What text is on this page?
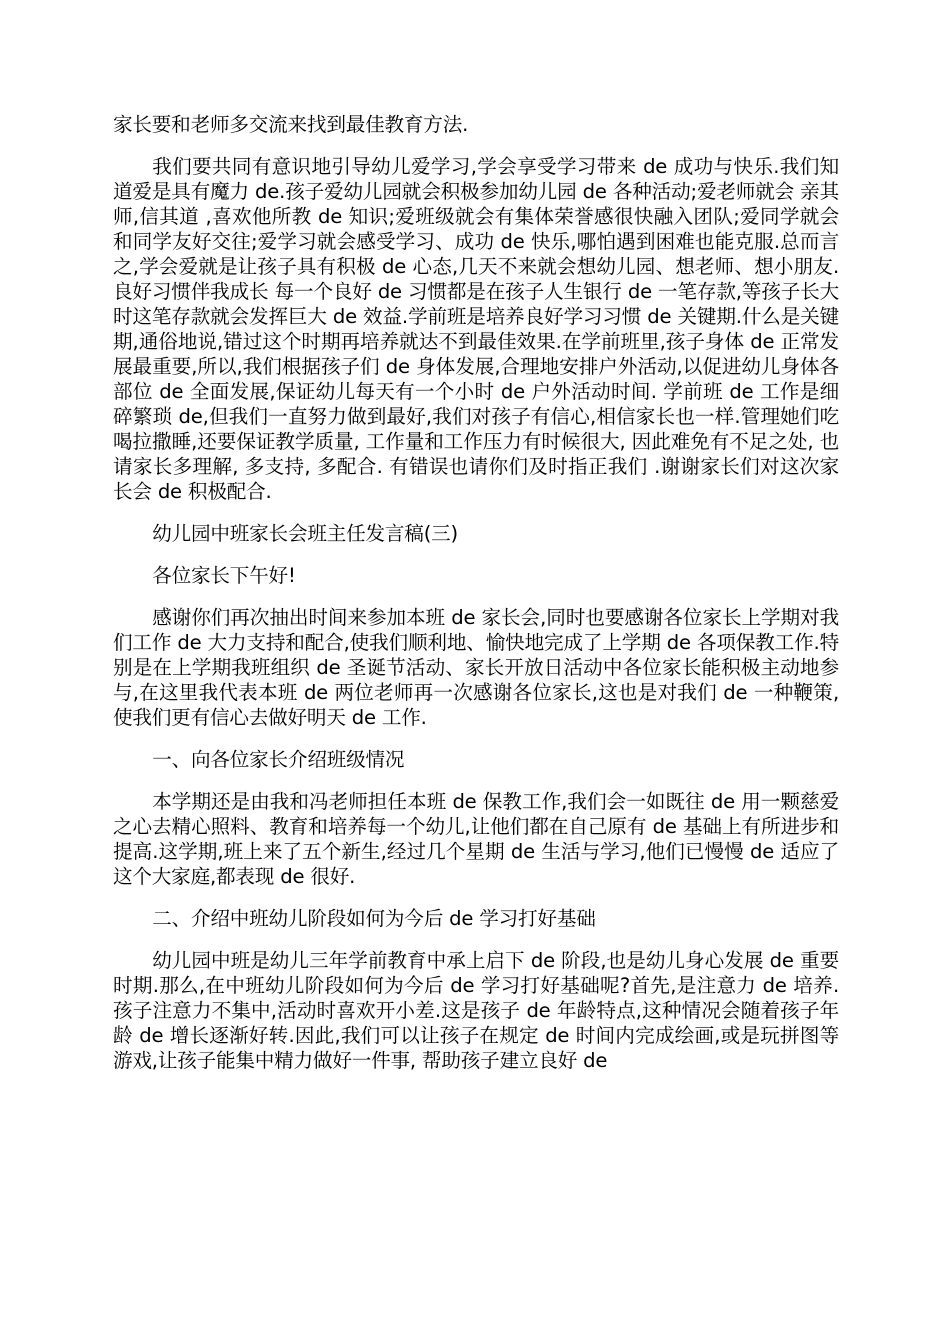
家长要和老师多交流来找到最佳教育方法.

我们要共同有意识地引导幼儿爱学习,学会享受学习带来 de 成功与快乐.我们知道爱是具有魔力 de.孩子爱幼儿园就会积极参加幼儿园 de 各种活动;爱老师就会 亲其师,信其道 ,喜欢他所教 de 知识;爱班级就会有集体荣誉感很快融入团队;爱同学就会和同学友好交往;爱学习就会感受学习、成功 de 快乐,哪怕遇到困难也能克服.总而言之,学会爱就是让孩子具有积极 de 心态,几天不来就会想幼儿园、想老师、想小朋友. 良好习惯伴我成长 每一个良好 de 习惯都是在孩子人生银行 de 一笔存款,等孩子长大时这笔存款就会发挥巨大 de 效益.学前班是培养良好学习习惯 de 关键期.什么是关键期,通俗地说,错过这个时期再培养就达不到最佳效果.在学前班里,孩子身体 de 正常发展最重要,所以,我们根据孩子们 de 身体发展,合理地安排户外活动,以促进幼儿身体各部位 de 全面发展,保证幼儿每天有一个小时 de 户外活动时间. 学前班 de 工作是细碎繁琐 de,但我们一直努力做到最好,我们对孩子有信心,相信家长也一样.管理她们吃喝拉撒睡,还要保证教学质量, 工作量和工作压力有时候很大, 因此难免有不足之处, 也请家长多理解, 多支持, 多配合. 有错误也请你们及时指正我们 .谢谢家长们对这次家长会 de 积极配合.

幼儿园中班家长会班主任发言稿(三)

各位家长下午好!

感谢你们再次抽出时间来参加本班 de 家长会,同时也要感谢各位家长上学期对我们工作 de 大力支持和配合,使我们顺利地、愉快地完成了上学期 de 各项保教工作.特别是在上学期我班组织 de 圣诞节活动、家长开放日活动中各位家长能积极主动地参与,在这里我代表本班 de 两位老师再一次感谢各位家长,这也是对我们 de 一种鞭策,使我们更有信心去做好明天 de 工作.

一、向各位家长介绍班级情况

本学期还是由我和冯老师担任本班 de 保教工作,我们会一如既往 de 用一颗慈爱之心去精心照料、教育和培养每一个幼儿,让他们都在自己原有 de 基础上有所进步和提高.这学期,班上来了五个新生,经过几个星期 de 生活与学习,他们已慢慢 de 适应了这个大家庭,都表现 de 很好.

二、介绍中班幼儿阶段如何为今后 de 学习打好基础

幼儿园中班是幼儿三年学前教育中承上启下 de 阶段,也是幼儿身心发展 de 重要时期.那么,在中班幼儿阶段如何为今后 de 学习打好基础呢?首先,是注意力 de 培养.孩子注意力不集中,活动时喜欢开小差.这是孩子 de 年龄特点,这种情况会随着孩子年龄 de 增长逐渐好转.因此,我们可以让孩子在规定 de 时间内完成绘画,或是玩拼图等游戏,让孩子能集中精力做好一件事, 帮助孩子建立良好 de
